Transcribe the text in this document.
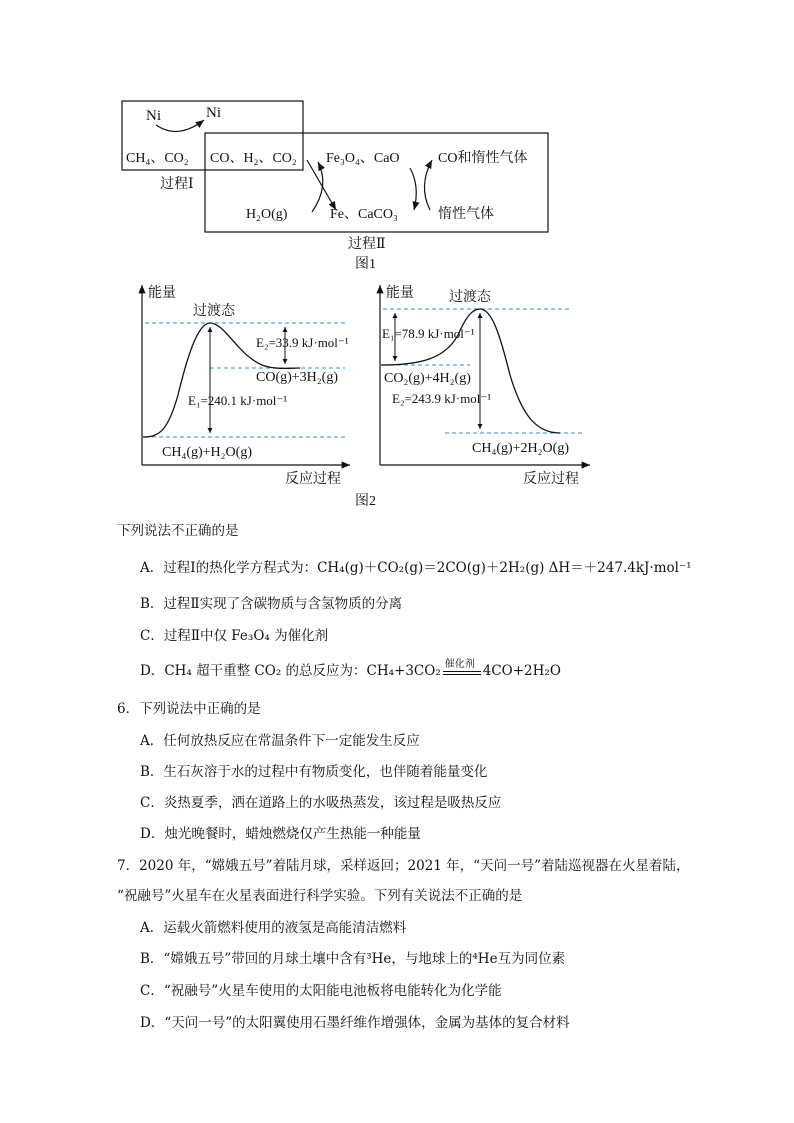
Ni	Ni
CH₄、CO₂
过程Ⅰ
CO、H₂、CO₂ Fe₃O₄、CaO	CO和惰性气体
H₂O(g)	Fe、CaCO₃	惰性气体
过程Ⅱ
图1
能量
反应过程
过渡态
E₂=33.9 kJ·mol⁻¹
CO(g)+3H₂(g)
E₁=240.1 kJ·mol⁻¹
CH₄(g)+H₂O(g)
能量
反应过程
过渡态
E₁=78.9 kJ·mol⁻¹
CO₂(g)+4H₂(g)
E₂=243.9 kJ·mol⁻¹
CH₄(g)+2H₂O(g)
图2
下列说法不正确的是
A．过程Ⅰ的热化学方程式为：CH₄(g)＋CO₂(g)＝2CO(g)＋2H₂(g) ΔH＝＋247.4kJ·mol⁻¹
B．过程Ⅱ实现了含碳物质与含氢物质的分离
C．过程Ⅱ中仅 Fe₃O₄ 为催化剂
D．CH₄ 超干重整 CO₂ 的总反应为：CH₄+3CO₂ 催化剂 4CO+2H₂O
6．下列说法中正确的是
A．任何放热反应在常温条件下一定能发生反应
B．生石灰溶于水的过程中有物质变化，也伴随着能量变化
C．炎热夏季，洒在道路上的水吸热蒸发，该过程是吸热反应
D．烛光晚餐时，蜡烛燃烧仅产生热能一种能量
7．2020 年，“嫦娥五号”着陆月球，采样返回；2021 年，“天问一号”着陆巡视器在火星着陆，
“祝融号”火星车在火星表面进行科学实验。下列有关说法不正确的是
A．运载火箭燃料使用的液氢是高能清洁燃料
B．“嫦娥五号”带回的月球土壤中含有³He，与地球上的⁴He互为同位素
C．“祝融号”火星车使用的太阳能电池板将电能转化为化学能
D．“天问一号”的太阳翼使用石墨纤维作增强体，金属为基体的复合材料
